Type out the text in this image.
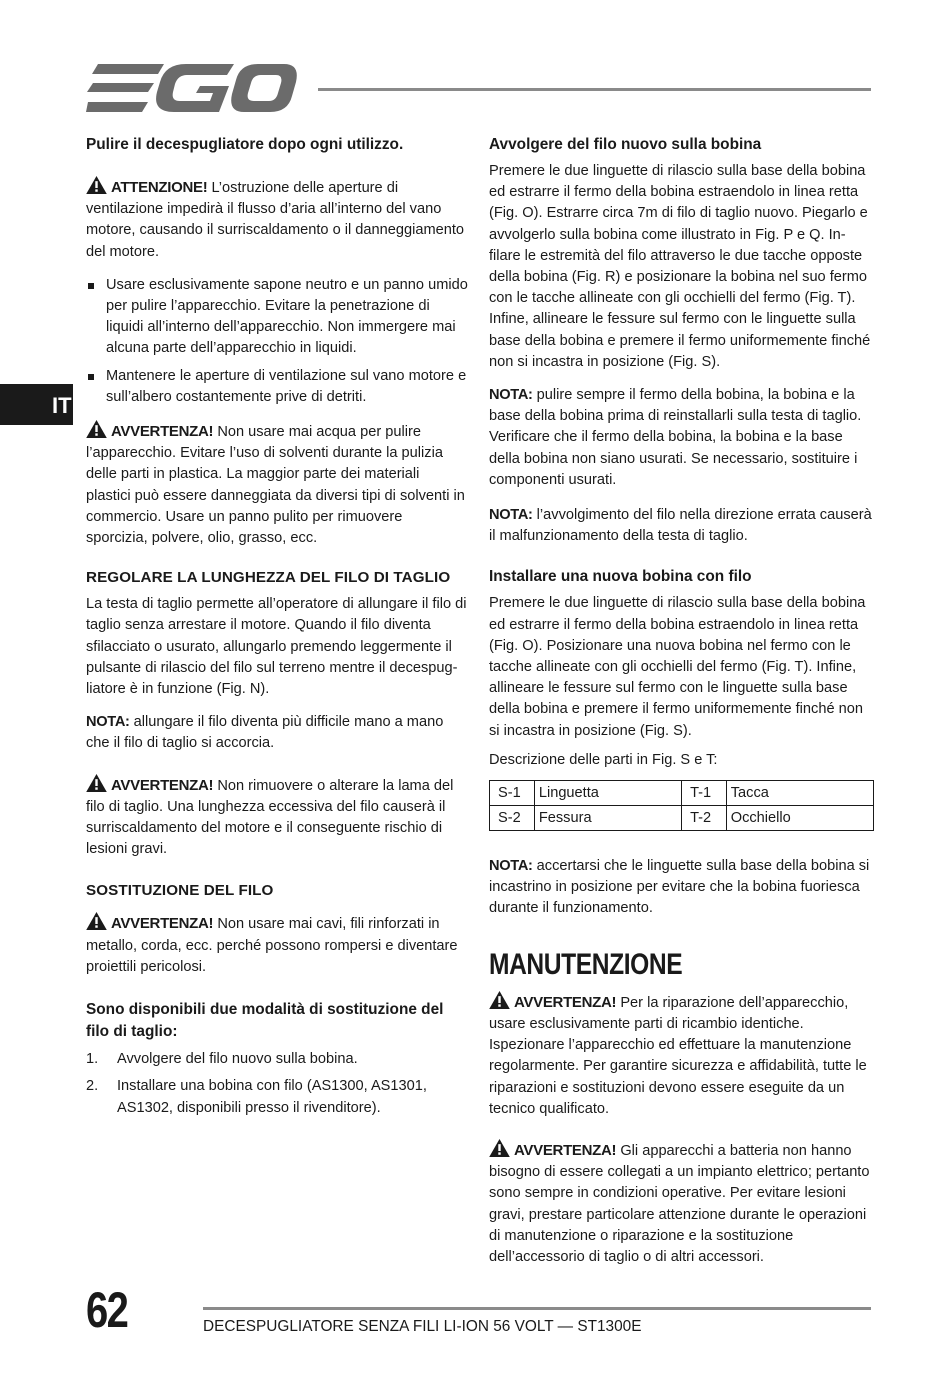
IT

Pulire il decespugliatore dopo ogni utilizzo.

ATTENZIONE! L’ostruzione delle aperture di ventilazione impedirà il flusso d’aria all’interno del vano motore, causando il surriscaldamento o il danneggiamento del motore.

Usare esclusivamente sapone neutro e un panno umido per pulire l’apparecchio. Evitare la penetrazione di liquidi all’interno dell’apparecchio. Non immergere mai alcuna parte dell’apparecchio in liquidi.
Mantenere le aperture di ventilazione sul vano motore e sull’albero costantemente prive di detriti.

AVVERTENZA! Non usare mai acqua per pulire l’apparecchio. Evitare l’uso di solventi durante la pulizia delle parti in plastica. La maggior parte dei materiali plastici può essere danneggiata da diversi tipi di solventi in commercio. Usare un panno pulito per rimuovere sporcizia, polvere, olio, grasso, ecc.

REGOLARE LA LUNGHEZZA DEL FILO DI TAGLIO

La testa di taglio permette all’operatore di allungare il filo di taglio senza arrestare il motore. Quando il filo diventa sfilacciato o usurato, allungarlo premendo leggermente il pulsante di rilascio del filo sul terreno mentre il decespug-liatore è in funzione (Fig. N).

NOTA: allungare il filo diventa più difficile mano a mano che il filo di taglio si accorcia.

AVVERTENZA! Non rimuovere o alterare la lama del filo di taglio. Una lunghezza eccessiva del filo causerà il surriscaldamento del motore e il conseguente rischio di lesioni gravi.

SOSTITUZIONE DEL FILO

AVVERTENZA! Non usare mai cavi, fili rinforzati in metallo, corda, ecc. perché possono rompersi e diventare proiettili pericolosi.

Sono disponibili due modalità di sostituzione del filo di taglio:

1. Avvolgere del filo nuovo sulla bobina.
2. Installare una bobina con filo (AS1300, AS1301, AS1302, disponibili presso il rivenditore).

Avvolgere del filo nuovo sulla bobina

Premere le due linguette di rilascio sulla base della bobina ed estrarre il fermo della bobina estraendolo in linea retta (Fig. O). Estrarre circa 7m di filo di taglio nuovo. Piegarlo e avvolgerlo sulla bobina come illustrato in Fig. P e Q. In-filare le estremità del filo attraverso le due tacche opposte della bobina (Fig. R) e posizionare la bobina nel suo fermo con le tacche allineate con gli occhielli del fermo (Fig. T). Infine, allineare le fessure sul fermo con le linguette sulla base della bobina e premere il fermo uniformemente finché non si incastra in posizione (Fig. S).

NOTA: pulire sempre il fermo della bobina, la bobina e la base della bobina prima di reinstallarli sulla testa di taglio. Verificare che il fermo della bobina, la bobina e la base della bobina non siano usurati. Se necessario, sostituire i componenti usurati.

NOTA: l’avvolgimento del filo nella direzione errata causerà il malfunzionamento della testa di taglio.

Installare una nuova bobina con filo

Premere le due linguette di rilascio sulla base della bobina ed estrarre il fermo della bobina estraendolo in linea retta (Fig. O). Posizionare una nuova bobina nel fermo con le tacche allineate con gli occhielli del fermo (Fig. T). Infine, allineare le fessure sul fermo con le linguette sulla base della bobina e premere il fermo uniformemente finché non si incastra in posizione (Fig. S).

Descrizione delle parti in Fig. S e T:

S-1	Linguetta	T-1	Tacca
S-2	Fessura	T-2	Occhiello

NOTA: accertarsi che le linguette sulla base della bobina si incastrino in posizione per evitare che la bobina fuoriesca durante il funzionamento.

MANUTENZIONE

AVVERTENZA! Per la riparazione dell’apparecchio, usare esclusivamente parti di ricambio identiche. Ispezionare l’apparecchio ed effettuare la manutenzione regolarmente. Per garantire sicurezza e affidabilità, tutte le riparazioni e sostituzioni devono essere eseguite da un tecnico qualificato.

AVVERTENZA! Gli apparecchi a batteria non hanno bisogno di essere collegati a un impianto elettrico; pertanto sono sempre in condizioni operative. Per evitare lesioni gravi, prestare particolare attenzione durante le operazioni di manutenzione o riparazione e la sostituzione dell’accessorio di taglio o di altri accessori.

62	DECESPUGLIATORE SENZA FILI LI-ION 56 VOLT — ST1300E
